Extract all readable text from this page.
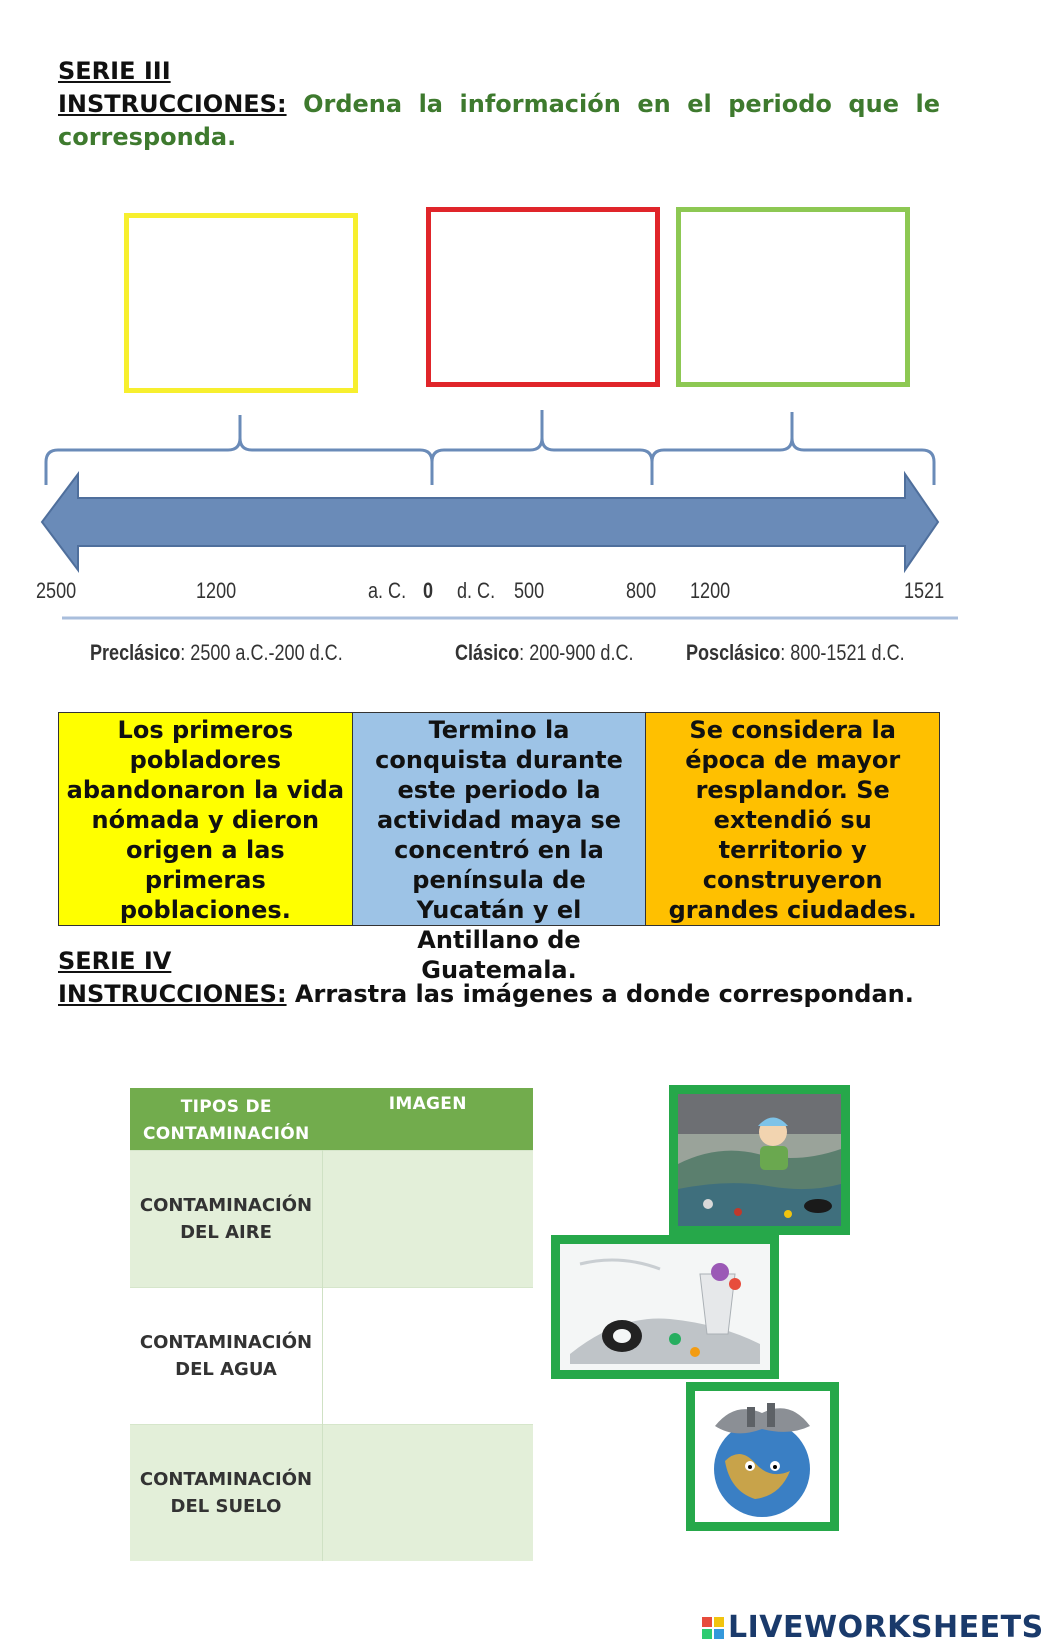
SERIE III
INSTRUCCIONES: Ordena la información en el periodo que le
corresponda.
2500	1200	a. C. 0 d. C. 500	800 1200	1521
Preclásico: 2500 a.C.-200 d.C.	Clásico: 200-900 d.C. Posclásico: 800-1521 d.C.
Los primeros pobladores abandonaron la vida nómada y dieron origen a las primeras poblaciones.
Termino la conquista durante este periodo la actividad maya se concentró en la península de Yucatán y el Antillano de Guatemala.
Se considera la época de mayor resplandor. Se extendió su territorio y construyeron grandes ciudades.
SERIE IV
INSTRUCCIONES: Arrastra las imágenes a donde correspondan.
TIPOS DE CONTAMINACIÓN	IMAGEN

CONTAMINACIÓN
DEL AIRE	

CONTAMINACIÓN
DEL AGUA	

CONTAMINACIÓN
DEL SUELO	

LIVEWORKSHEETS
